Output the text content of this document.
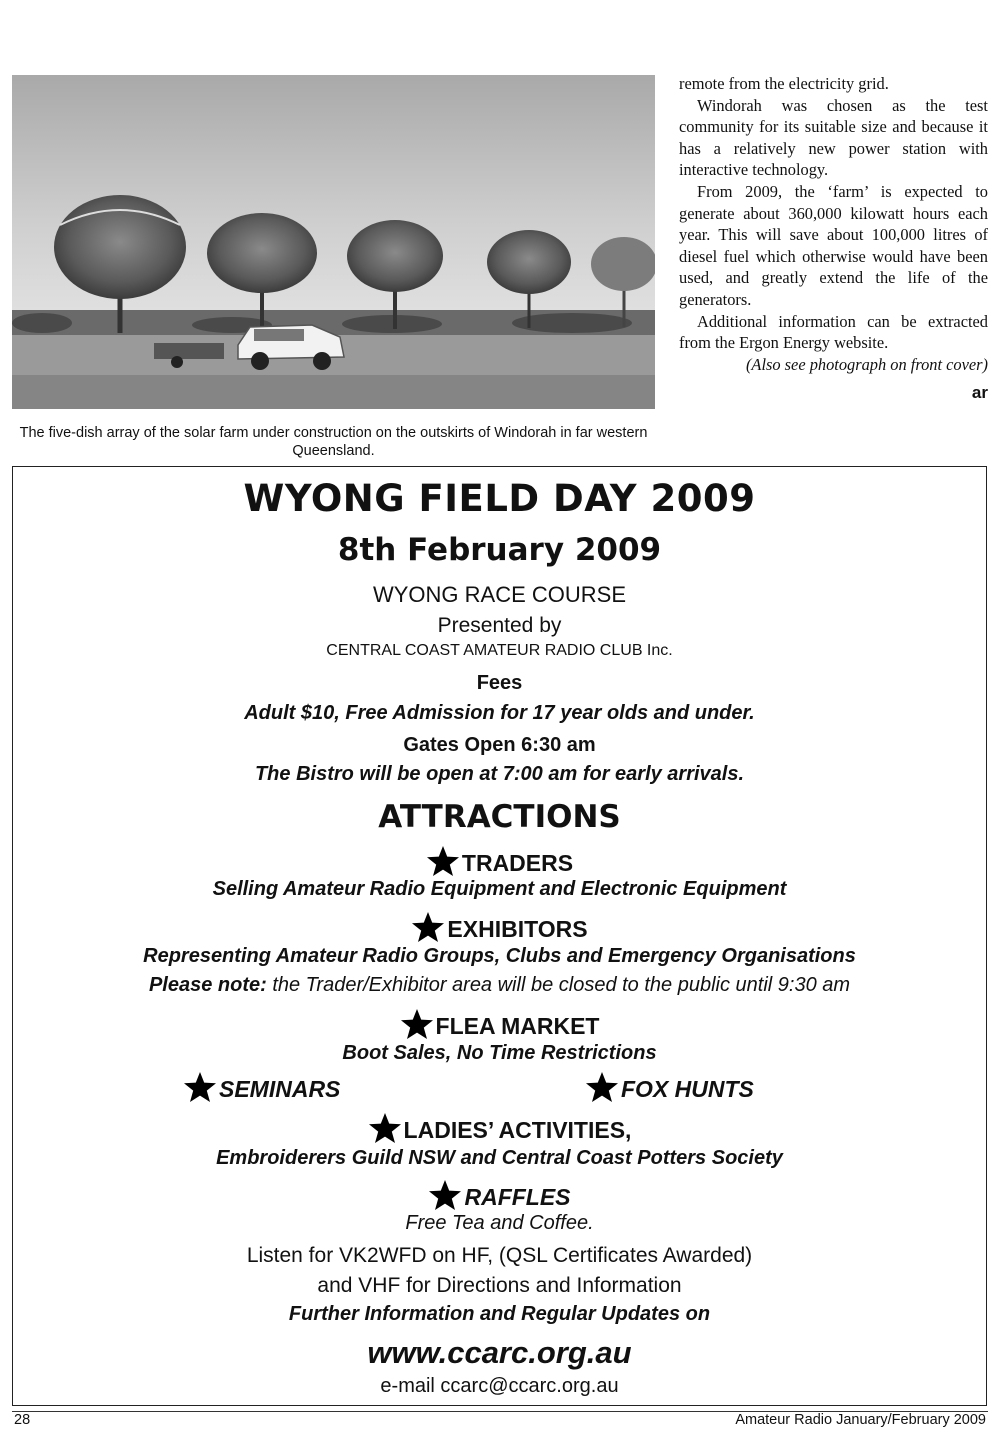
The five-dish array of the solar farm under construction on the outskirts of Windorah in far western Queensland.

remote from the electricity grid.

Windorah was chosen as the test community for its suitable size and because it has a relatively new power station with interactive technology.

From 2009, the ‘farm’ is expected to generate about 360,000 kilowatt hours each year. This will save about 100,000 litres of diesel fuel which otherwise would have been used, and greatly extend the life of the generators.

Additional information can be extracted from the Ergon Energy website.

(Also see photograph on front cover)

ar
WYONG FIELD DAY 2009
8th February 2009
WYONG RACE COURSE
Presented by
CENTRAL COAST AMATEUR RADIO CLUB Inc.
Fees
Adult $10, Free Admission for 17 year olds and under.
Gates Open 6:30 am
The Bistro will be open at 7:00 am for early arrivals.
ATTRACTIONS
TRADERS
Selling Amateur Radio Equipment and Electronic Equipment
EXHIBITORS
Representing Amateur Radio Groups, Clubs and Emergency Organisations
Please note: the Trader/Exhibitor area will be closed to the public until 9:30 am
FLEA MARKET
Boot Sales, No Time Restrictions
SEMINARS	FOX HUNTS
LADIES’ ACTIVITIES,
Embroiderers Guild NSW and Central Coast Potters Society
RAFFLES
Free Tea and Coffee.
Listen for VK2WFD on HF, (QSL Certificates Awarded)
and VHF for Directions and Information
Further Information and Regular Updates on
www.ccarc.org.au
e-mail ccarc@ccarc.org.au
28	Amateur Radio January/February 2009
